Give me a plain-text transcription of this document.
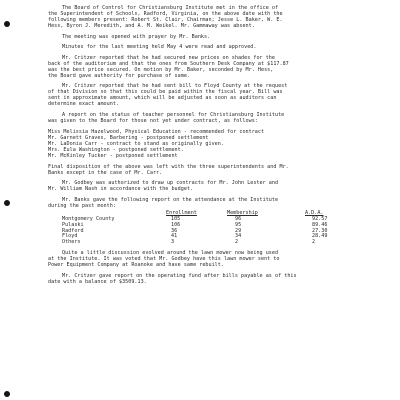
The Board of Control for Christiansburg Institute met in the office of
the Superintendent of Schools, Radford, Virginia, on the above date with the
following members present: Robert St. Clair, Chairman; Jesse L. Baker, W. E.
Hess, Byron J. Meredith, and A. M. Weikel. Mr. Gammaway was absent.
The meeting was opened with prayer by Mr. Banks.
Minutes for the last meeting held May 4 were read and approved.
Mr. Critzer reported that he had secured new prices on shades for the
back of the auditorium and that the ones from Southern Desk Company at $117.87
was the best price secured. On motion by Mr. Baker, seconded by Mr. Hess,
the Board gave authority for purchase of same.
Mr. Critzer reported that he had sent bill to Floyd County at the request
of that Division so that this could be paid within the fiscal year. Bill was
sent in approximate amount, which will be adjusted as soon as auditors can
determine exact amount.
A report on the status of teacher personnel for Christiansburg Institute
was given to the Board for those not yet under contract, as follows:
Miss Melissia Hazelwood, Physical Education - recommended for contract
Mr. Garnett Graves, Barbering - postponed settlement
Mr. LaDonia Carr - contract to stand as originally given.
Mrs. Eula Washington - postponed settlement.
Mr. McKinley Tucker - postponed settlement
Final disposition of the above was left with the three superintendents and Mr.
Banks except in the case of Mr. Carr.
Mr. Godbey was authorized to draw up contracts for Mr. John Lester and
Mr. William Nash in accordance with the budget.
Mr. Banks gave the following report on the attendance at the Institute
during the past month:
	Enrollment	Membership	A.D.A.
Montgomery County	105	96	92.57
Pulaski	106	95	89.46
Radford	36	29	27.30
Floyd	41	34	28.49
Others	3	2	2
Quite a little discussion evolved around the lawn mower now being used
at the Institute. It was voted that Mr. Godbey have this lawn mower sent to
Power Equipment Company at Roanoke and have same rebuilt.
Mr. Critzer gave report on the operating fund after bills payable as of this
date with a balance of $3509.13.
